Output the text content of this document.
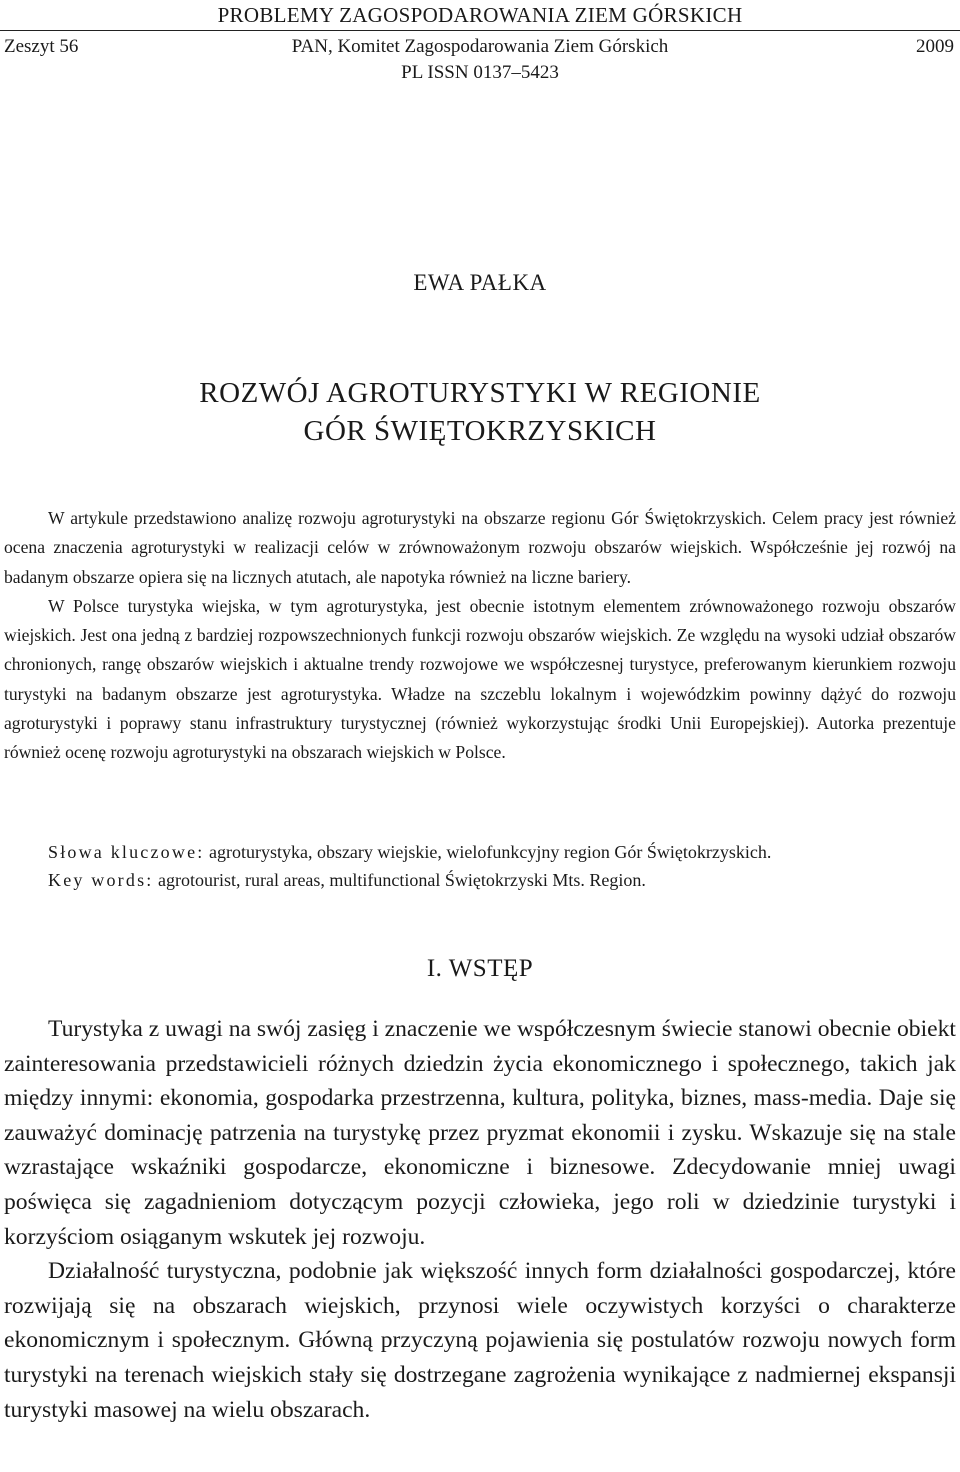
PROBLEMY ZAGOSPODAROWANIA ZIEM GÓRSKICH
Zeszyt 56	PAN, Komitet Zagospodarowania Ziem Górskich	2009
PL ISSN 0137–5423
EWA PAŁKA
ROZWÓJ AGROTURYSTYKI W REGIONIE
GÓR ŚWIĘTOKRZYSKICH

W artykule przedstawiono analizę rozwoju agroturystyki na obszarze regionu Gór Świętokrzyskich. Celem pracy jest również ocena znaczenia agroturystyki w realizacji celów w zrównoważonym rozwoju obszarów wiejskich. Współcześnie jej rozwój na badanym obszarze opiera się na licznych atutach, ale napotyka również na liczne bariery.

W Polsce turystyka wiejska, w tym agroturystyka, jest obecnie istotnym elementem zrównoważonego rozwoju obszarów wiejskich. Jest ona jedną z bardziej rozpowszechnionych funkcji rozwoju obszarów wiejskich. Ze względu na wysoki udział obszarów chronionych, rangę obszarów wiejskich i aktualne trendy rozwojowe we współczesnej turystyce, preferowanym kierunkiem rozwoju turystyki na badanym obszarze jest agroturystyka. Władze na szczeblu lokalnym i wojewódzkim powinny dążyć do rozwoju agroturystyki i poprawy stanu infrastruktury turystycznej (również wykorzystując środki Unii Europejskiej). Autorka prezentuje również ocenę rozwoju agroturystyki na obszarach wiejskich w Polsce.

Słowa kluczowe: agroturystyka, obszary wiejskie, wielofunkcyjny region Gór Świętokrzyskich.
Key words: agrotourist, rural areas, multifunctional Świętokrzyski Mts. Region.
I. WSTĘP

Turystyka z uwagi na swój zasięg i znaczenie we współczesnym świecie stanowi obecnie obiekt zainteresowania przedstawicieli różnych dziedzin życia ekonomicznego i społecznego, takich jak między innymi: ekonomia, gospodarka przestrzenna, kultura, polityka, biznes, mass-media. Daje się zauważyć dominację patrzenia na turystykę przez pryzmat ekonomii i zysku. Wskazuje się na stale wzrastające wskaźniki gospodarcze, ekonomiczne i biznesowe. Zdecydowanie mniej uwagi poświęca się zagadnieniom dotyczącym pozycji człowieka, jego roli w dziedzinie turystyki i korzyściom osiąganym wskutek jej rozwoju.

Działalność turystyczna, podobnie jak większość innych form działalności gospodarczej, które rozwijają się na obszarach wiejskich, przynosi wiele oczywistych korzyści o charakterze ekonomicznym i społecznym. Główną przyczyną pojawienia się postulatów rozwoju nowych form turystyki na terenach wiejskich stały się dostrzegane zagrożenia wynikające z nadmiernej ekspansji turystyki masowej na wielu obszarach.
